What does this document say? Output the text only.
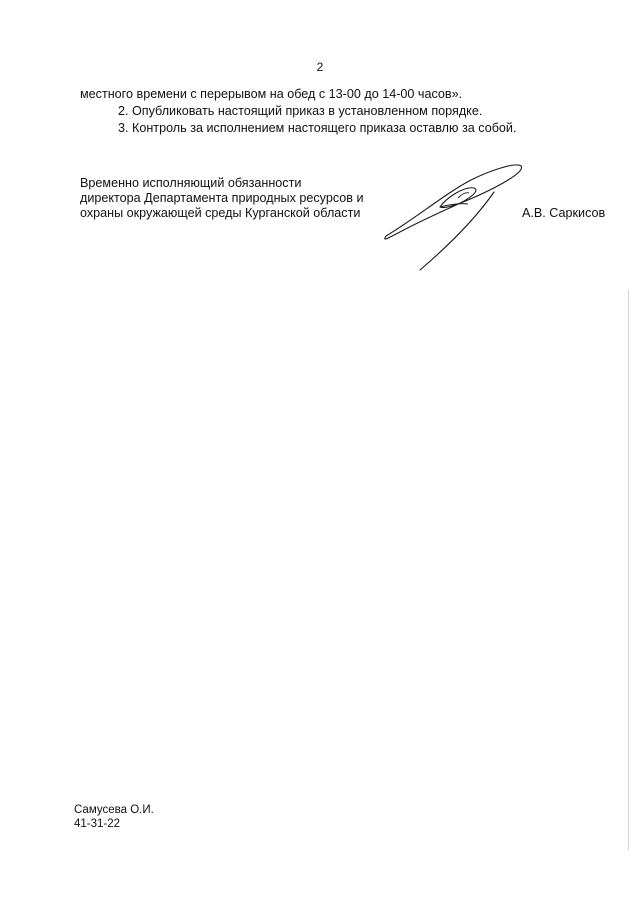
2

местного времени с перерывом на обед с 13-00 до 14-00 часов».

2. Опубликовать настоящий приказ в установленном порядке.

3. Контроль за исполнением настоящего приказа оставлю за собой.

Временно исполняющий обязанности
директора Департамента природных ресурсов и
охраны окружающей среды Курганской области	А.В. Саркисов
Самусева О.И.
41-31-22
